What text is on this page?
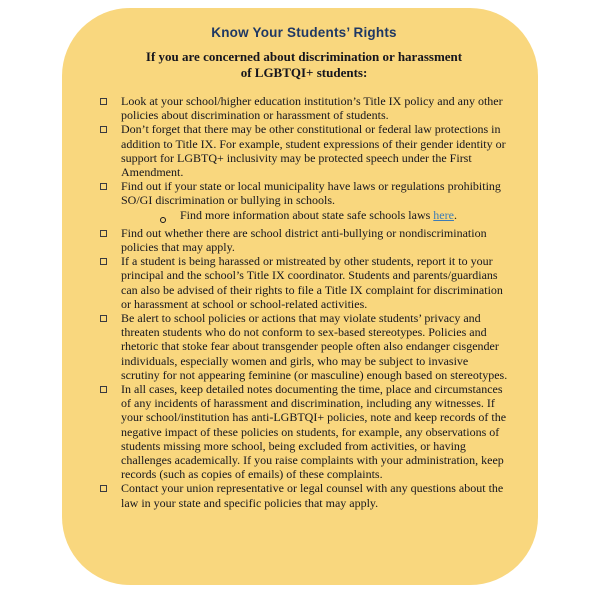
Know Your Students’ Rights
If you are concerned about discrimination or harassment
of LGBTQI+ students:
Look at your school/higher education institution’s Title IX policy and any other policies about discrimination or harassment of students.
Don’t forget that there may be other constitutional or federal law protections in addition to Title IX. For example, student expressions of their gender identity or support for LGBTQ+ inclusivity may be protected speech under the First Amendment.
Find out if your state or local municipality have laws or regulations prohibiting SO/GI discrimination or bullying in schools.
Find more information about state safe schools laws here.
Find out whether there are school district anti-bullying or nondiscrimination policies that may apply.
If a student is being harassed or mistreated by other students, report it to your principal and the school’s Title IX coordinator. Students and parents/guardians can also be advised of their rights to file a Title IX complaint for discrimination or harassment at school or school-related activities.
Be alert to school policies or actions that may violate students’ privacy and threaten students who do not conform to sex-based stereotypes. Policies and rhetoric that stoke fear about transgender people often also endanger cisgender individuals, especially women and girls, who may be subject to invasive scrutiny for not appearing feminine (or masculine) enough based on stereotypes.
In all cases, keep detailed notes documenting the time, place and circumstances of any incidents of harassment and discrimination, including any witnesses. If your school/institution has anti-LGBTQI+ policies, note and keep records of the negative impact of these policies on students, for example, any observations of students missing more school, being excluded from activities, or having challenges academically. If you raise complaints with your administration, keep records (such as copies of emails) of these complaints.
Contact your union representative or legal counsel with any questions about the law in your state and specific policies that may apply.
